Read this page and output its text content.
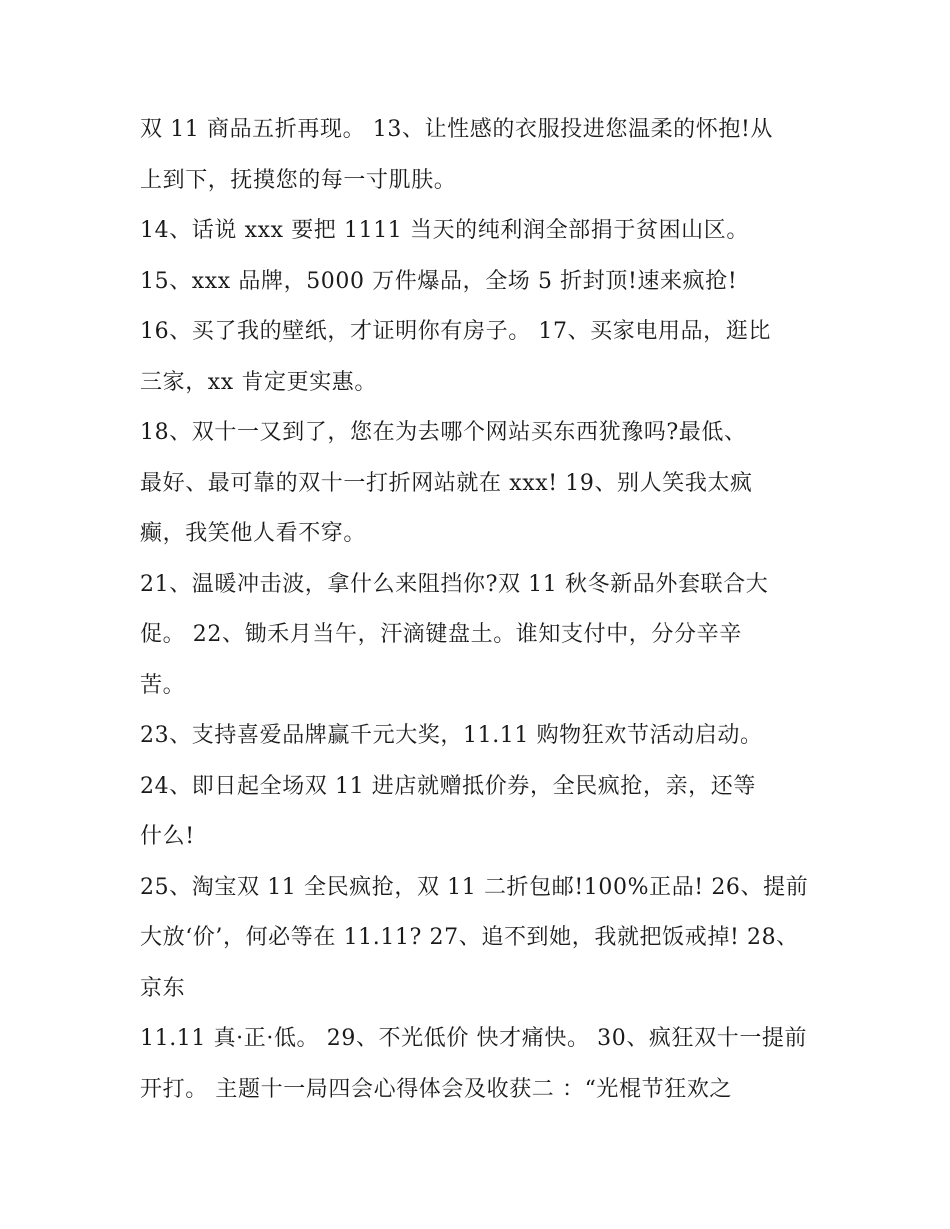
双 11 商品五折再现。 13、让性感的衣服投进您温柔的怀抱!从
上到下，抚摸您的每一寸肌肤。
14、话说 xxx 要把 1111 当天的纯利润全部捐于贫困山区。
15、xxx 品牌，5000 万件爆品，全场 5 折封顶!速来疯抢!
16、买了我的壁纸，才证明你有房子。 17、买家电用品，逛比
三家，xx 肯定更实惠。
18、双十一又到了，您在为去哪个网站买东西犹豫吗?最低、
最好、最可靠的双十一打折网站就在 xxx! 19、别人笑我太疯
癫，我笑他人看不穿。
21、温暖冲击波，拿什么来阻挡你?双 11 秋冬新品外套联合大
促。 22、锄禾月当午，汗滴键盘土。谁知支付中，分分辛辛
苦。
23、支持喜爱品牌赢千元大奖，11.11 购物狂欢节活动启动。
24、即日起全场双 11 进店就赠抵价券，全民疯抢，亲，还等
什么!
25、淘宝双 11 全民疯抢，双 11 二折包邮!100%正品! 26、提前
大放‘价’，何必等在 11.11? 27、追不到她，我就把饭戒掉! 28、
京东
11.11 真·正·低。 29、不光低价 快才痛快。 30、疯狂双十一提前
开打。 主题十一局四会心得体会及收获二 ：“光棍节狂欢之
